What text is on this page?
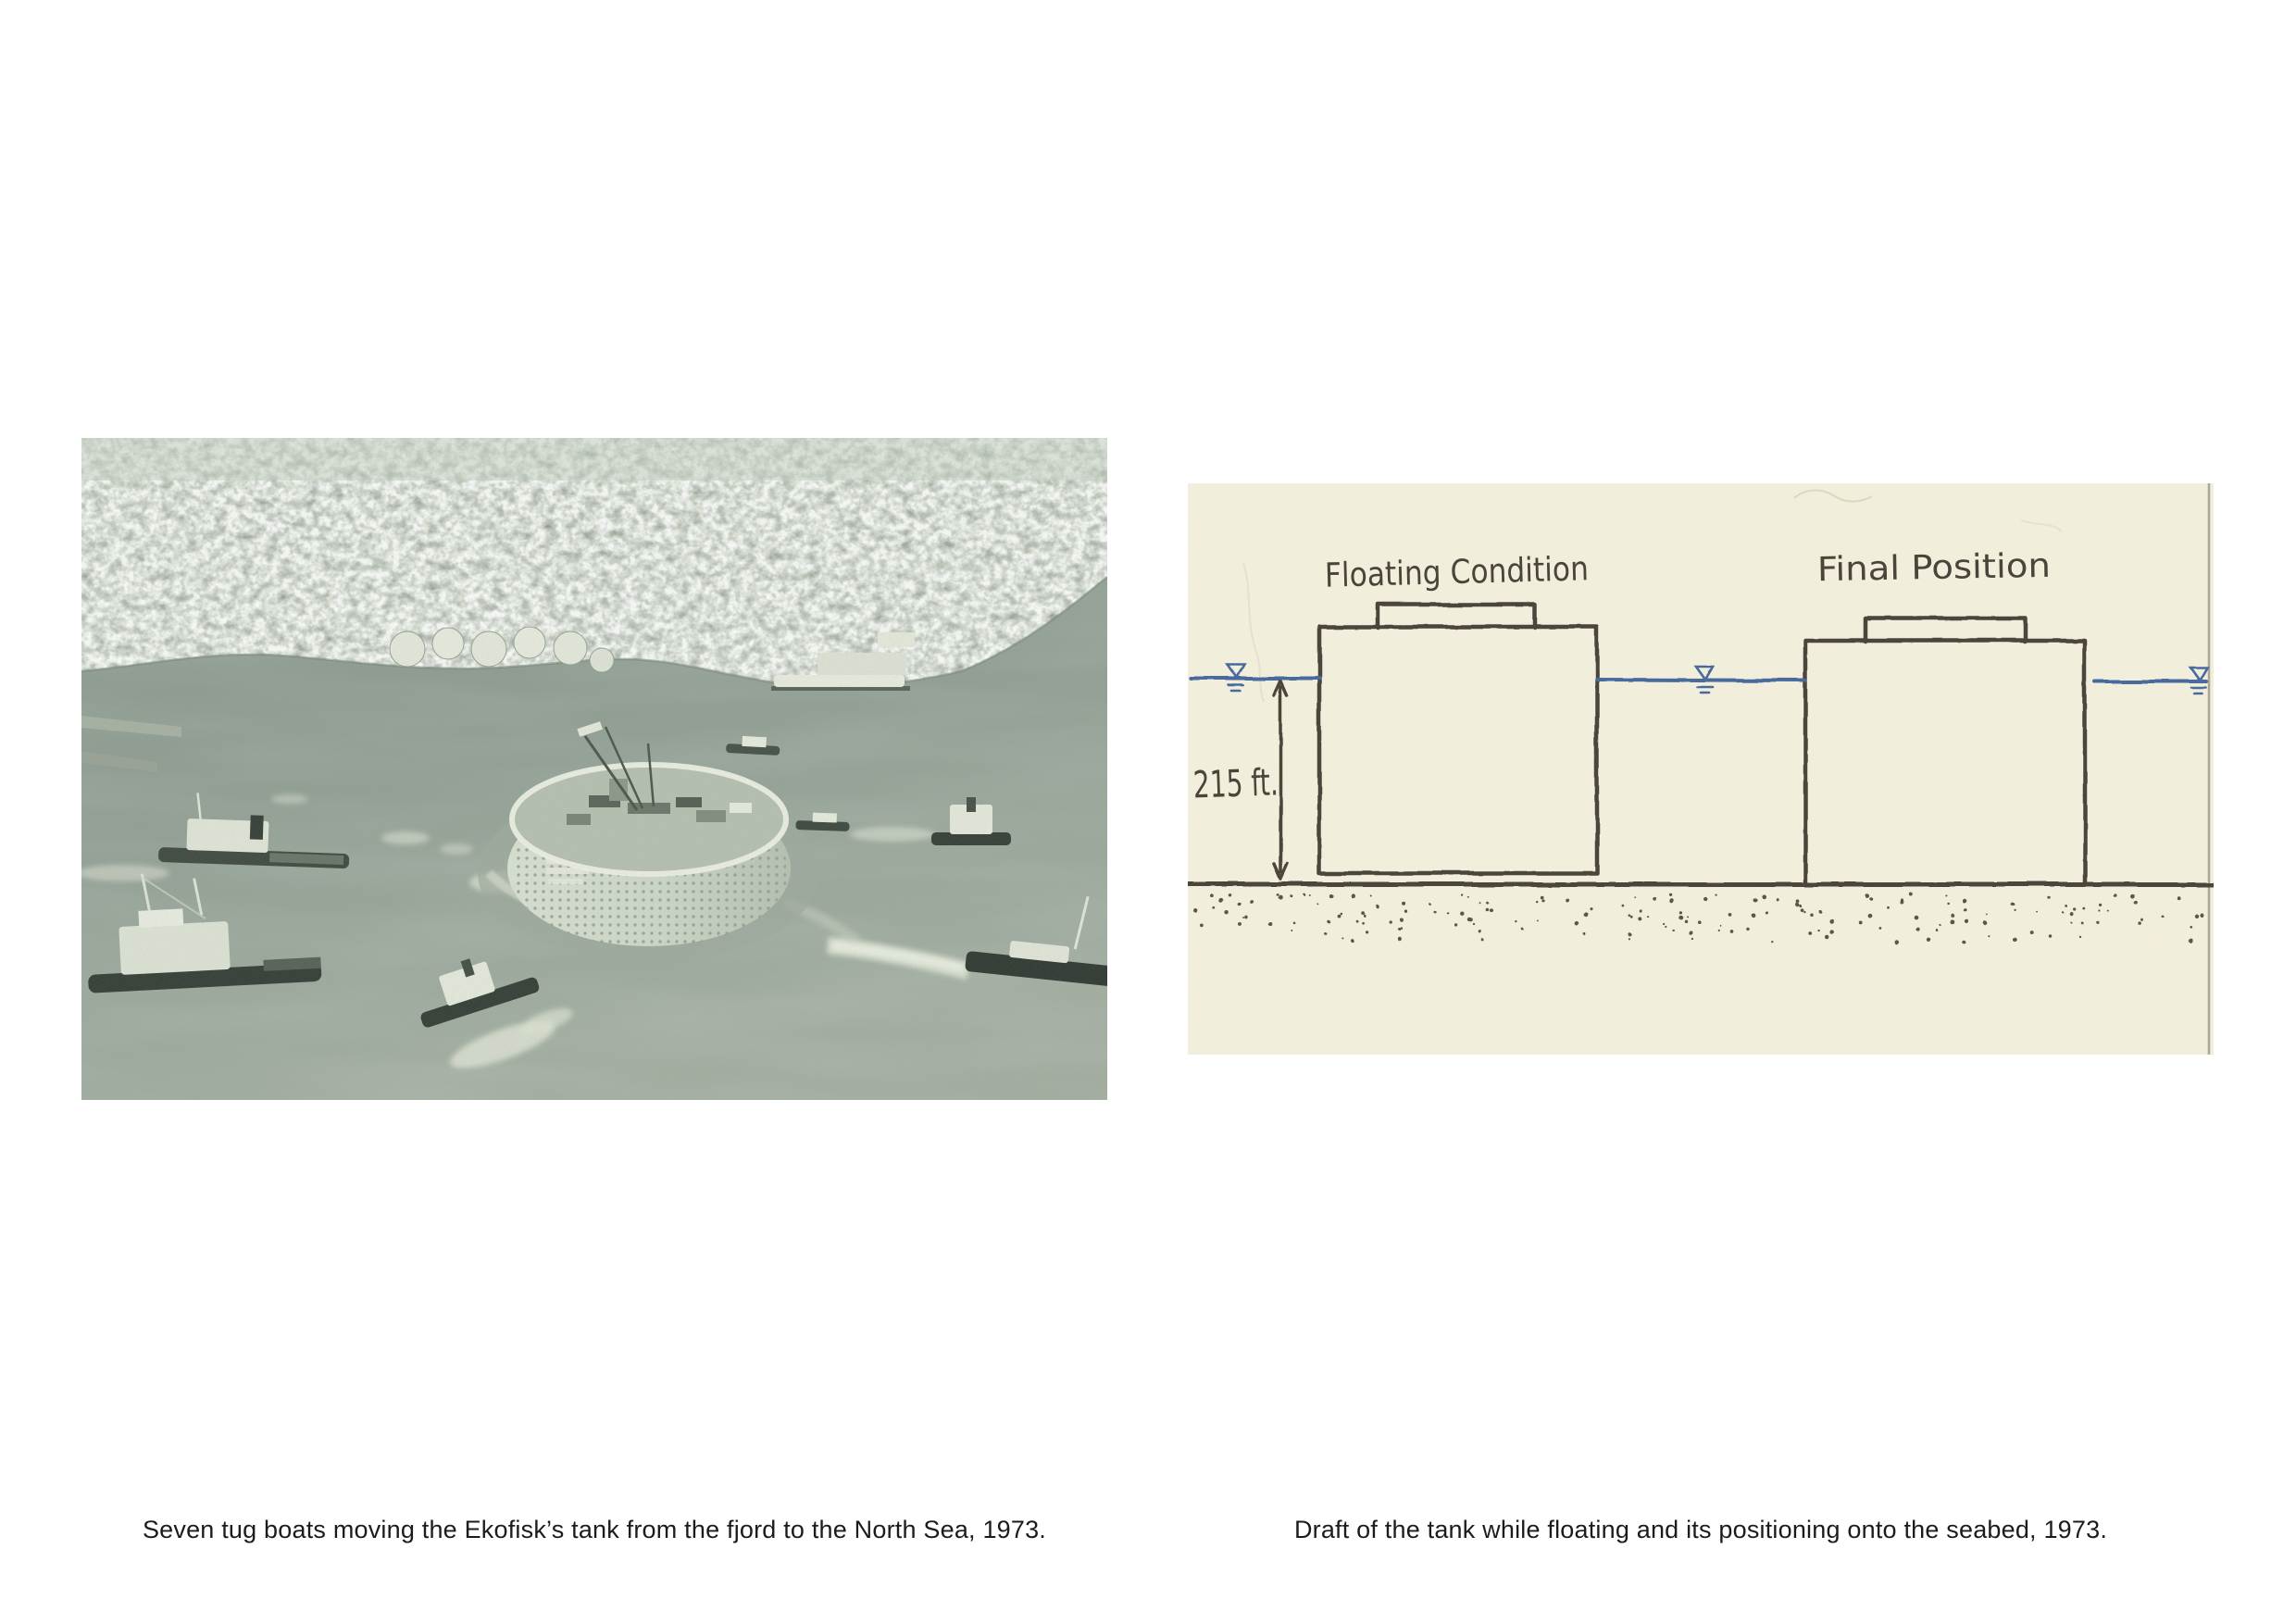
Floating Condition	Final Position
215 ft.
Seven tug boats moving the Ekofisk’s tank from the fjord to the North Sea, 1973.	Draft of the tank while floating and its positioning onto the seabed, 1973.
